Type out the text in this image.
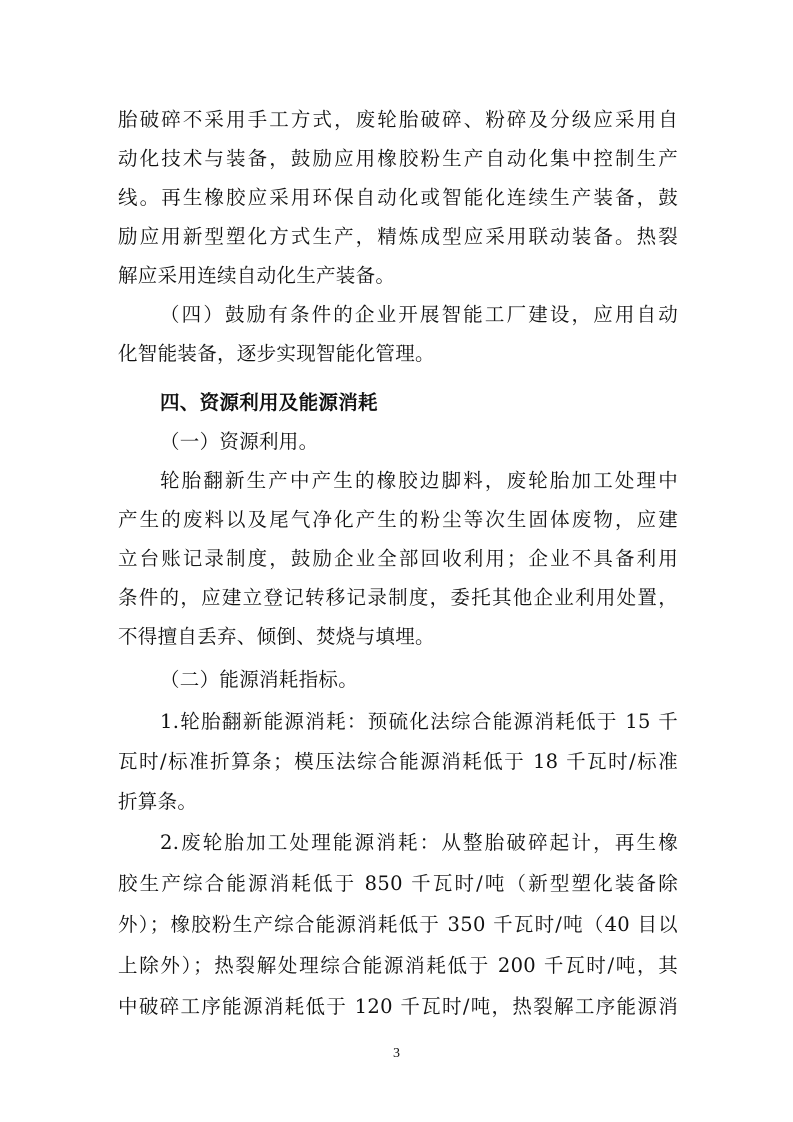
胎破碎不采用手工方式，废轮胎破碎、粉碎及分级应采用自
动化技术与装备，鼓励应用橡胶粉生产自动化集中控制生产
线。再生橡胶应采用环保自动化或智能化连续生产装备，鼓
励应用新型塑化方式生产，精炼成型应采用联动装备。热裂
解应采用连续自动化生产装备。
（四）鼓励有条件的企业开展智能工厂建设，应用自动
化智能装备，逐步实现智能化管理。
四、资源利用及能源消耗
（一）资源利用。
轮胎翻新生产中产生的橡胶边脚料，废轮胎加工处理中
产生的废料以及尾气净化产生的粉尘等次生固体废物，应建
立台账记录制度，鼓励企业全部回收利用；企业不具备利用
条件的，应建立登记转移记录制度，委托其他企业利用处置，
不得擅自丢弃、倾倒、焚烧与填埋。
（二）能源消耗指标。
1.轮胎翻新能源消耗：预硫化法综合能源消耗低于 15 千
瓦时/标准折算条；模压法综合能源消耗低于 18 千瓦时/标准
折算条。
2.废轮胎加工处理能源消耗：从整胎破碎起计，再生橡
胶生产综合能源消耗低于 850 千瓦时/吨（新型塑化装备除
外）；橡胶粉生产综合能源消耗低于 350 千瓦时/吨（40 目以
上除外）；热裂解处理综合能源消耗低于 200 千瓦时/吨，其
中破碎工序能源消耗低于 120 千瓦时/吨，热裂解工序能源消
3
